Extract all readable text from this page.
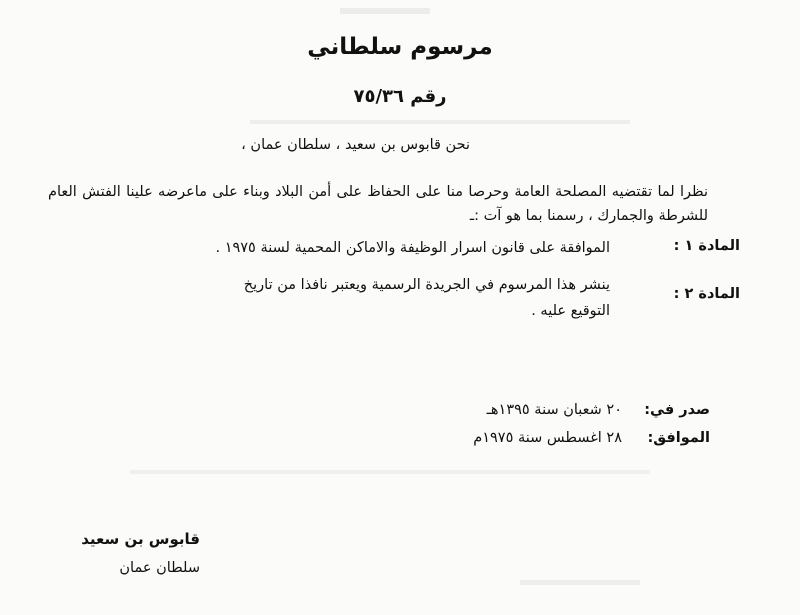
مرسوم سلطاني
رقم ٧٥/٣٦
نحن قابوس بن سعيد ، سلطان عمان ،
نظرا لما تقتضيه المصلحة العامة وحرصا منا على الحفاظ على أمن البلاد وبناء على ماعرضه علينا الفتش العام للشرطة والجمارك ، رسمنا بما هو آت :ـ
المادة ١ :
الموافقة على قانون اسرار الوظيفة والاماكن المحمية لسنة ١٩٧٥ .
المادة ٢ :
ينشر هذا المرسوم في الجريدة الرسمية ويعتبر نافذا من تاريخ
التوقيع عليه .
صدر في:
٢٠ شعبان سنة ١٣٩٥هـ
الموافق:
٢٨ اغسطس سنة ١٩٧٥م
قابوس بن سعيد
سلطان عمان
